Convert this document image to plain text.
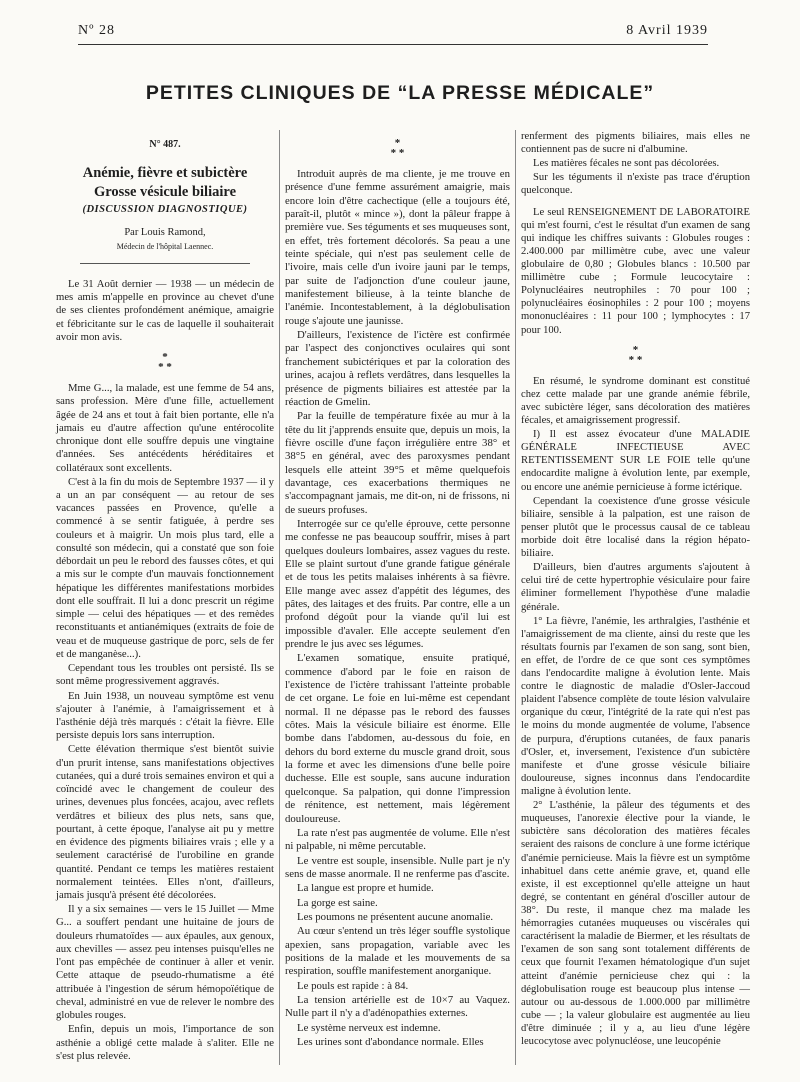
Nº 28	8 Avril 1939
PETITES CLINIQUES DE “LA PRESSE MÉDICALE”
N° 487.
Anémie, fièvre et subictère
Grosse vésicule biliaire
(DISCUSSION DIAGNOSTIQUE)
Par Louis Ramond,
Médecin de l'hôpital Laennec.

Le 31 Août dernier — 1938 — un médecin de mes amis m'appelle en province au chevet d'une de ses clientes profondément anémique, amaigrie et fébricitante sur le cas de laquelle il souhaiterait avoir mon avis.

*
* *

Mme G..., la malade, est une femme de 54 ans, sans profession. Mère d'une fille, actuellement âgée de 24 ans et tout à fait bien portante, elle n'a jamais eu d'autre affection qu'une entérocolite chronique dont elle souffre depuis une vingtaine d'années. Ses antécédents héréditaires et collatéraux sont excellents.

C'est à la fin du mois de Septembre 1937 — il y a un an par conséquent — au retour de ses vacances passées en Provence, qu'elle a commencé à se sentir fatiguée, à perdre ses couleurs et à maigrir. Un mois plus tard, elle a consulté son médecin, qui a constaté que son foie débordait un peu le rebord des fausses côtes, et qui a mis sur le compte d'un mauvais fonctionnement hépatique les différentes manifestations morbides dont elle souffrait. Il lui a donc prescrit un régime simple — celui des hépatiques — et des remèdes reconstituants et antianémiques (extraits de foie de veau et de muqueuse gastrique de porc, sels de fer et de manganèse...).

Cependant tous les troubles ont persisté. Ils se sont même progressivement aggravés.

En Juin 1938, un nouveau symptôme est venu s'ajouter à l'anémie, à l'amaigrissement et à l'asthénie déjà très marqués : c'était la fièvre. Elle persiste depuis lors sans interruption.

Cette élévation thermique s'est bientôt suivie d'un prurit intense, sans manifestations objectives cutanées, qui a duré trois semaines environ et qui a coïncidé avec le changement de couleur des urines, devenues plus foncées, acajou, avec reflets verdâtres et bilieux des plus nets, sans que, pourtant, à cette époque, l'analyse ait pu y mettre en évidence des pigments biliaires vrais ; elle y a seulement caractérisé de l'urobiline en grande quantité. Pendant ce temps les matières restaient normalement teintées. Elles n'ont, d'ailleurs, jamais jusqu'à présent été décolorées.

Il y a six semaines — vers le 15 Juillet — Mme G... a souffert pendant une huitaine de jours de douleurs rhumatoïdes — aux épaules, aux genoux, aux chevilles — assez peu intenses puisqu'elles ne l'ont pas empêchée de continuer à aller et venir. Cette attaque de pseudo-rhumatisme a été attribuée à l'ingestion de sérum hémopoïétique de cheval, administré en vue de relever le nombre des globules rouges.

Enfin, depuis un mois, l'importance de son asthénie a obligé cette malade à s'aliter. Elle ne s'est plus relevée.

*
* *

Introduit auprès de ma cliente, je me trouve en présence d'une femme assurément amaigrie, mais encore loin d'être cachectique (elle a toujours été, paraît-il, plutôt « mince »), dont la pâleur frappe à première vue. Ses téguments et ses muqueuses sont, en effet, très fortement décolorés. Sa peau a une teinte spéciale, qui n'est pas seulement celle de l'ivoire, mais celle d'un ivoire jauni par le temps, par suite de l'adjonction d'une couleur jaune, manifestement bilieuse, à la teinte blanche de l'anémie. Incontestablement, à la déglobulisation rouge s'ajoute une jaunisse.

D'ailleurs, l'existence de l'ictère est confirmée par l'aspect des conjonctives oculaires qui sont franchement subictériques et par la coloration des urines, acajou à reflets verdâtres, dans lesquelles la présence de pigments biliaires est attestée par la réaction de Gmelin.

Par la feuille de température fixée au mur à la tête du lit j'apprends ensuite que, depuis un mois, la fièvre oscille d'une façon irrégulière entre 38° et 38°5 en général, avec des paroxysmes pendant lesquels elle atteint 39°5 et même quelquefois davantage, ces exacerbations thermiques ne s'accompagnant jamais, me dit-on, ni de frissons, ni de sueurs profuses.

Interrogée sur ce qu'elle éprouve, cette personne me confesse ne pas beaucoup souffrir, mises à part quelques douleurs lombaires, assez vagues du reste. Elle se plaint surtout d'une grande fatigue générale et de tous les petits malaises inhérents à sa fièvre. Elle mange avec assez d'appétit des légumes, des pâtes, des laitages et des fruits. Par contre, elle a un profond dégoût pour la viande qu'il lui est impossible d'avaler. Elle accepte seulement d'en prendre le jus avec ses légumes.

L'examen somatique, ensuite pratiqué, commence d'abord par le foie en raison de l'existence de l'ictère trahissant l'atteinte probable de cet organe. Le foie en lui-même est cependant normal. Il ne dépasse pas le rebord des fausses côtes. Mais la vésicule biliaire est énorme. Elle bombe dans l'abdomen, au-dessous du foie, en dehors du bord externe du muscle grand droit, sous la forme et avec les dimensions d'une belle poire duchesse. Elle est souple, sans aucune induration quelconque. Sa palpation, qui donne l'impression de rénitence, est nettement, mais légèrement douloureuse.

La rate n'est pas augmentée de volume. Elle n'est ni palpable, ni même percutable.

Le ventre est souple, insensible. Nulle part je n'y sens de masse anormale. Il ne renferme pas d'ascite.

La langue est propre et humide.

La gorge est saine.

Les poumons ne présentent aucune anomalie.

Au cœur s'entend un très léger souffle systolique apexien, sans propagation, variable avec les positions de la malade et les mouvements de sa respiration, souffle manifestement anorganique.

Le pouls est rapide : à 84.

La tension artérielle est de 10×7 au Vaquez. Nulle part il n'y a d'adénopathies externes.

Le système nerveux est indemne.

Les urines sont d'abondance normale. Elles

renferment des pigments biliaires, mais elles ne contiennent pas de sucre ni d'albumine.

Les matières fécales ne sont pas décolorées.

Sur les téguments il n'existe pas trace d'éruption quelconque.

Le seul RENSEIGNEMENT DE LABORATOIRE qui m'est fourni, c'est le résultat d'un examen de sang qui indique les chiffres suivants : Globules rouges : 2.400.000 par millimètre cube, avec une valeur globulaire de 0,80 ; Globules blancs : 10.500 par millimètre cube ; Formule leucocytaire : Polynucléaires neutrophiles : 70 pour 100 ; polynucléaires éosinophiles : 2 pour 100 ; moyens mononucléaires : 11 pour 100 ; lymphocytes : 17 pour 100.

*
* *

En résumé, le syndrome dominant est constitué chez cette malade par une grande anémie fébrile, avec subictère léger, sans décoloration des matières fécales, et amaigrissement progressif.

I) Il est assez évocateur d'une MALADIE GÉNÉRALE INFECTIEUSE AVEC RETENTISSEMENT SUR LE FOIE telle qu'une endocardite maligne à évolution lente, par exemple, ou encore une anémie pernicieuse à forme ictérique.

Cependant la coexistence d'une grosse vésicule biliaire, sensible à la palpation, est une raison de penser plutôt que le processus causal de ce tableau morbide doit être localisé dans la région hépato-biliaire.

D'ailleurs, bien d'autres arguments s'ajoutent à celui tiré de cette hypertrophie vésiculaire pour faire éliminer formellement l'hypothèse d'une maladie générale.

1° La fièvre, l'anémie, les arthralgies, l'asthénie et l'amaigrissement de ma cliente, ainsi du reste que les résultats fournis par l'examen de son sang, sont bien, en effet, de l'ordre de ce que sont ces symptômes dans l'endocardite maligne à évolution lente. Mais contre le diagnostic de maladie d'Osler-Jaccoud plaident l'absence complète de toute lésion valvulaire organique du cœur, l'intégrité de la rate qui n'est pas le moins du monde augmentée de volume, l'absence de purpura, d'éruptions cutanées, de faux panaris d'Osler, et, inversement, l'existence d'un subictère manifeste et d'une grosse vésicule biliaire douloureuse, signes inconnus dans l'endocardite maligne à évolution lente.

2° L'asthénie, la pâleur des téguments et des muqueuses, l'anorexie élective pour la viande, le subictère sans décoloration des matières fécales seraient des raisons de conclure à une forme ictérique d'anémie pernicieuse. Mais la fièvre est un symptôme inhabituel dans cette anémie grave, et, quand elle existe, il est exceptionnel qu'elle atteigne un haut degré, se contentant en général d'osciller autour de 38°. Du reste, il manque chez ma malade les hémorragies cutanées muqueuses ou viscérales qui caractérisent la maladie de Biermer, et les résultats de l'examen de son sang sont totalement différents de ceux que fournit l'examen hématologique d'un sujet atteint d'anémie pernicieuse chez qui : la déglobulisation rouge est beaucoup plus intense — autour ou au-dessous de 1.000.000 par millimètre cube — ; la valeur globulaire est augmentée au lieu d'être diminuée ; il y a, au lieu d'une légère leucocytose avec polynucléose, une leucopénie
